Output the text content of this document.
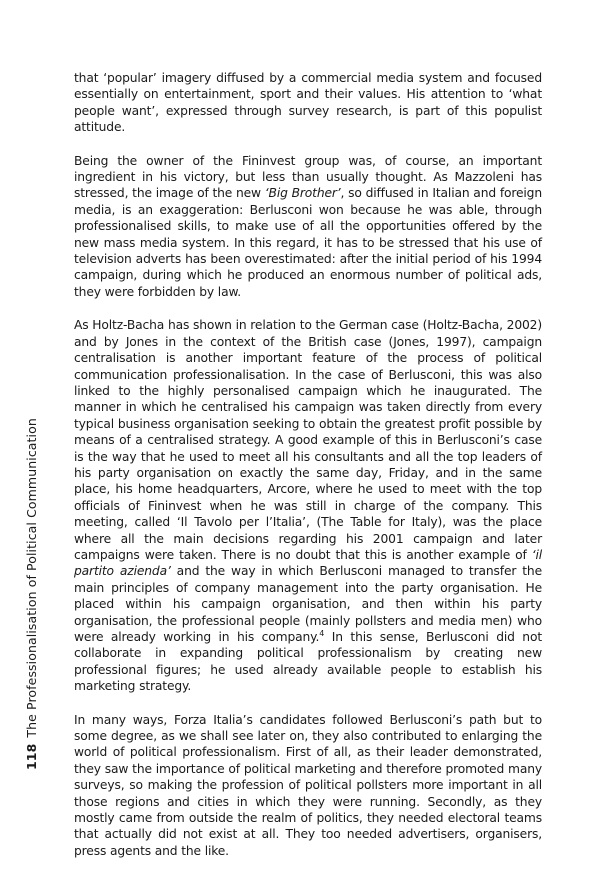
that ‘popular’ imagery diffused by a commercial media system and focused essentially on entertainment, sport and their values. His attention to ‘what people want’, expressed through survey research, is part of this populist attitude.

Being the owner of the Fininvest group was, of course, an important ingredient in his victory, but less than usually thought. As Mazzoleni has stressed, the image of the new ‘Big Brother’, so diffused in Italian and foreign media, is an exaggeration: Berlusconi won because he was able, through professionalised skills, to make use of all the opportunities offered by the new mass media system. In this regard, it has to be stressed that his use of television adverts has been overestimated: after the initial period of his 1994 campaign, during which he produced an enormous number of political ads, they were forbidden by law.

As Holtz-Bacha has shown in relation to the German case (Holtz-Bacha, 2002) and by Jones in the context of the British case (Jones, 1997), campaign centralisation is another important feature of the process of political communication professionalisation. In the case of Berlusconi, this was also linked to the highly personalised campaign which he inaugurated. The manner in which he centralised his campaign was taken directly from every typical business organisation seeking to obtain the greatest profit possible by means of a centralised strategy. A good example of this in Berlusconi’s case is the way that he used to meet all his consultants and all the top leaders of his party organisation on exactly the same day, Friday, and in the same place, his home headquarters, Arcore, where he used to meet with the top officials of Fininvest when he was still in charge of the company. This meeting, called ‘Il Tavolo per l’Italia’, (The Table for Italy), was the place where all the main decisions regarding his 2001 campaign and later campaigns were taken. There is no doubt that this is another example of ‘il partito azienda’ and the way in which Berlusconi managed to transfer the main principles of company management into the party organisation. He placed within his campaign organisation, and then within his party organisation, the professional people (mainly pollsters and media men) who were already working in his company.$^4$ In this sense, Berlusconi did not collaborate in expanding political professionalism by creating new professional figures; he used already available people to establish his marketing strategy.

In many ways, Forza Italia’s candidates followed Berlusconi’s path but to some degree, as we shall see later on, they also contributed to enlarging the world of political professionalism. First of all, as their leader demonstrated, they saw the importance of political marketing and therefore promoted many surveys, so making the profession of political pollsters more important in all those regions and cities in which they were running. Secondly, as they mostly came from outside the realm of politics, they needed electoral teams that actually did not exist at all. They too needed advertisers, organisers, press agents and the like.

118The Professionalisation of Political Communication
